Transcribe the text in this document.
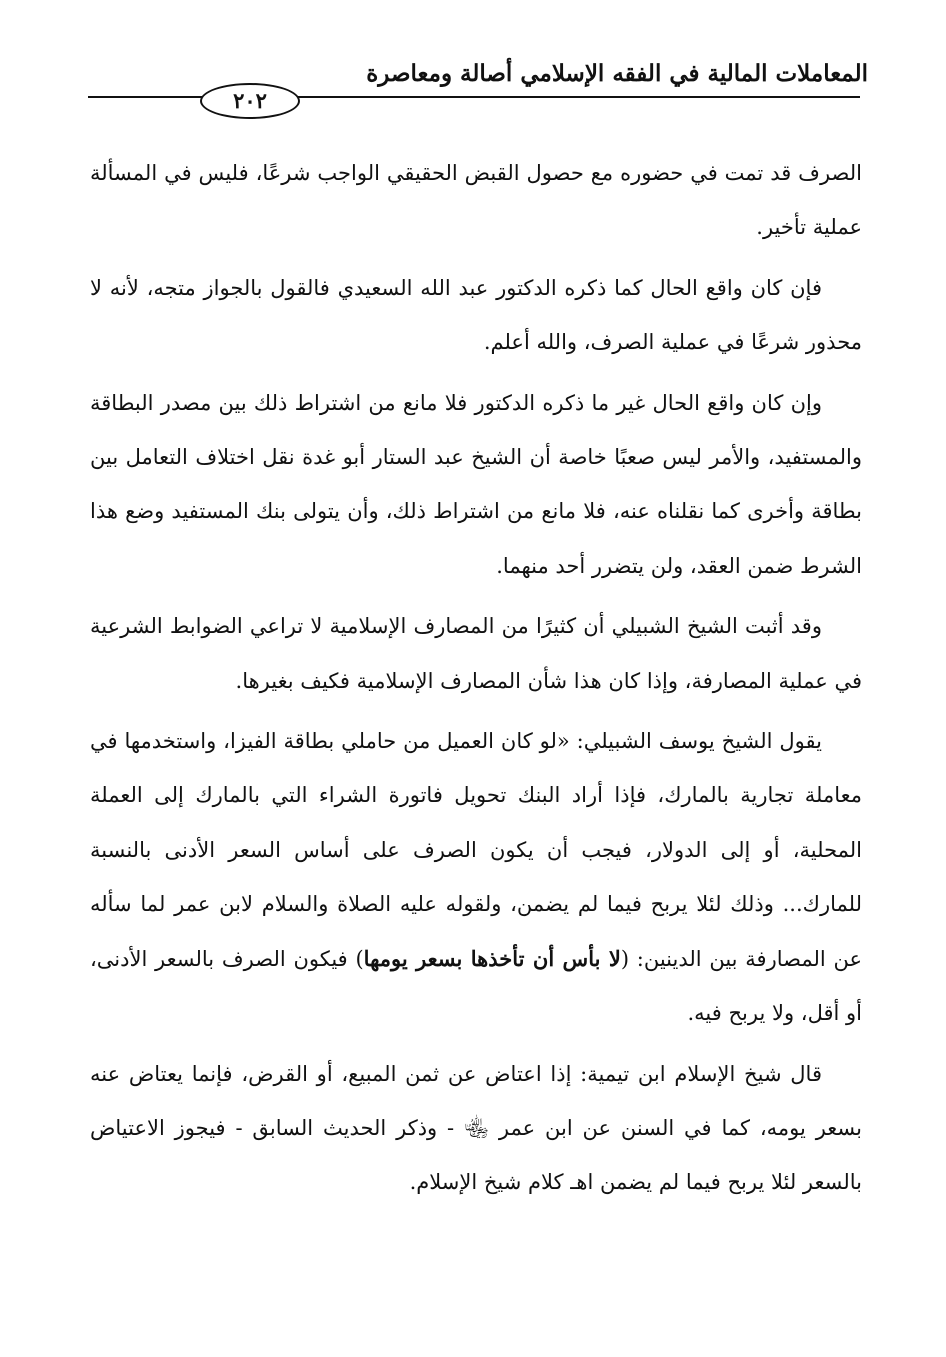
المعاملات المالية في الفقه الإسلامي أصالة ومعاصرة
٢٠٢

الصرف قد تمت في حضوره مع حصول القبض الحقيقي الواجب شرعًا، فليس في المسألة عملية تأخير.

فإن كان واقع الحال كما ذكره الدكتور عبد الله السعيدي فالقول بالجواز متجه، لأنه لا محذور شرعًا في عملية الصرف، والله أعلم.

وإن كان واقع الحال غير ما ذكره الدكتور فلا مانع من اشتراط ذلك بين مصدر البطاقة والمستفيد، والأمر ليس صعبًا خاصة أن الشيخ عبد الستار أبو غدة نقل اختلاف التعامل بين بطاقة وأخرى كما نقلناه عنه، فلا مانع من اشتراط ذلك، وأن يتولى بنك المستفيد وضع هذا الشرط ضمن العقد، ولن يتضرر أحد منهما.

وقد أثبت الشيخ الشبيلي أن كثيرًا من المصارف الإسلامية لا تراعي الضوابط الشرعية في عملية المصارفة، وإذا كان هذا شأن المصارف الإسلامية فكيف بغيرها.

يقول الشيخ يوسف الشبيلي: «لو كان العميل من حاملي بطاقة الفيزا، واستخدمها في معاملة تجارية بالمارك، فإذا أراد البنك تحويل فاتورة الشراء التي بالمارك إلى العملة المحلية، أو إلى الدولار، فيجب أن يكون الصرف على أساس السعر الأدنى بالنسبة للمارك... وذلك لئلا يربح فيما لم يضمن، ولقوله عليه الصلاة والسلام لابن عمر لما سأله عن المصارفة بين الدينين: (لا بأس أن تأخذها بسعر يومها) فيكون الصرف بالسعر الأدنى، أو أقل، ولا يربح فيه.

قال شيخ الإسلام ابن تيمية: إذا اعتاض عن ثمن المبيع، أو القرض، فإنما يعتاض عنه بسعر يومه، كما في السنن عن ابن عمر ﵄ - وذكر الحديث السابق - فيجوز الاعتياض بالسعر لئلا يربح فيما لم يضمن اهـ كلام شيخ الإسلام.
